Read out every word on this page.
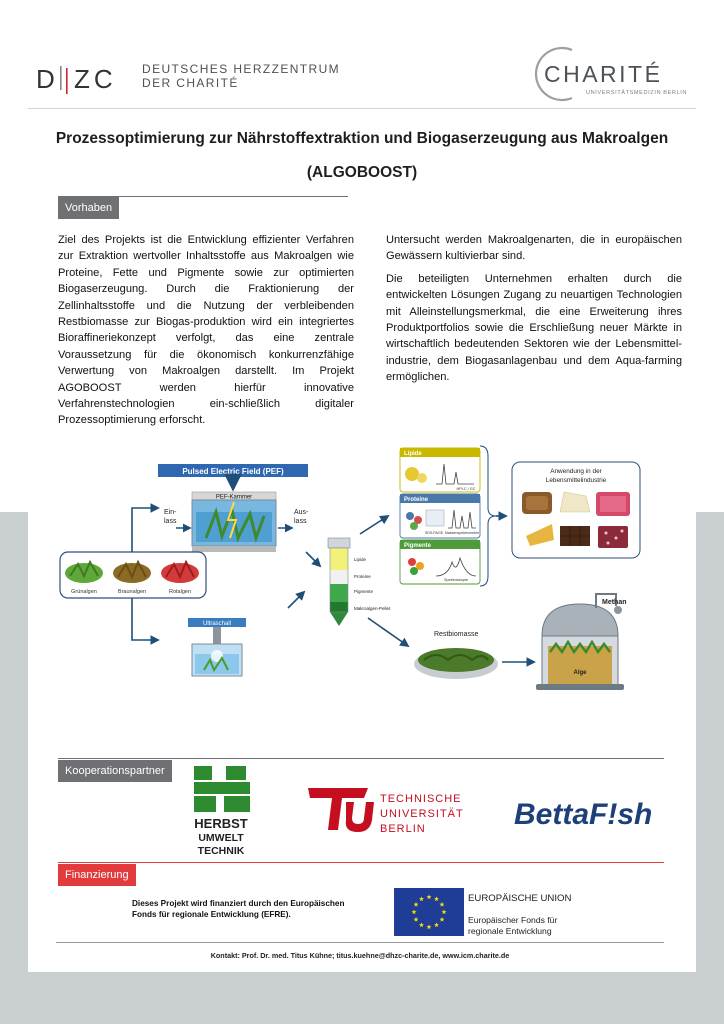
D ZC DEUTSCHES HERZZENTRUM
DER CHARITÉ	CHARITÉ
UNIVERSITÄTSMEDIZIN BERLIN
Prozessoptimierung zur Nährstoffextraktion und Biogaserzeugung aus Makroalgen
(ALGOBOOST)
Vorhaben
Ziel des Projekts ist die Entwicklung effizienter Verfahren zur Extraktion wertvoller Inhaltsstoffe aus Makroalgen wie Proteine, Fette und Pigmente sowie zur optimierten Biogaserzeugung. Durch die Fraktionierung der Zellinhaltsstoffe und die Nutzung der verbleibenden Restbiomasse zur Biogas-produktion wird ein integriertes Bioraffineriekonzept verfolgt, das eine zentrale Voraussetzung für die ökonomisch konkurrenzfähige Verwertung von Makroalgen darstellt. Im Projekt AGOBOOST werden hierfür innovative Verfahrenstechnologien ein-schließlich digitaler Prozessoptimierung erforscht.

Untersucht werden Makroalgenarten, die in europäischen Gewässern kultivierbar sind.

Die beteiligten Unternehmen erhalten durch die entwickelten Lösungen Zugang zu neuartigen Technologien mit Alleinstellungsmerkmal, die eine Erweiterung ihres Produktportfolios sowie die Erschließung neuer Märkte in wirtschaftlich bedeutenden Sektoren wie der Lebensmittel-industrie, dem Biogasanlagenbau und dem Aqua-farming ermöglichen.

Pulsed Electric Field (PEF)
PEF-Kammer
Ein-
lass
Aus-
lass
Grünalgen	Braunalgen	Rotalgen
Ultraschall
Lipide
Proteine
Pigmente
Makroalgen-Pellet
Lipide
HPLC / GC
Proteine
SDS-PAGE Massenspektrometrie
Pigmente
Spektroskopie
Anwendung in der
Lebensmittelindustrie
Restbiomasse
Alge
Methan
Kooperationspartner
HERBST
UMWELT
TECHNIK
TECHNISCHE
UNIVERSITÄT
BERLIN	BettaF!sh
Finanzierung
Dieses Projekt wird finanziert durch den Europäischen
Fonds für regionale Entwicklung (EFRE).
EUROPÄISCHE UNION
Europäischer Fonds für
regionale Entwicklung
Kontakt: Prof. Dr. med. Titus Kühne; titus.kuehne@dhzc-charite.de, www.icm.charite.de
